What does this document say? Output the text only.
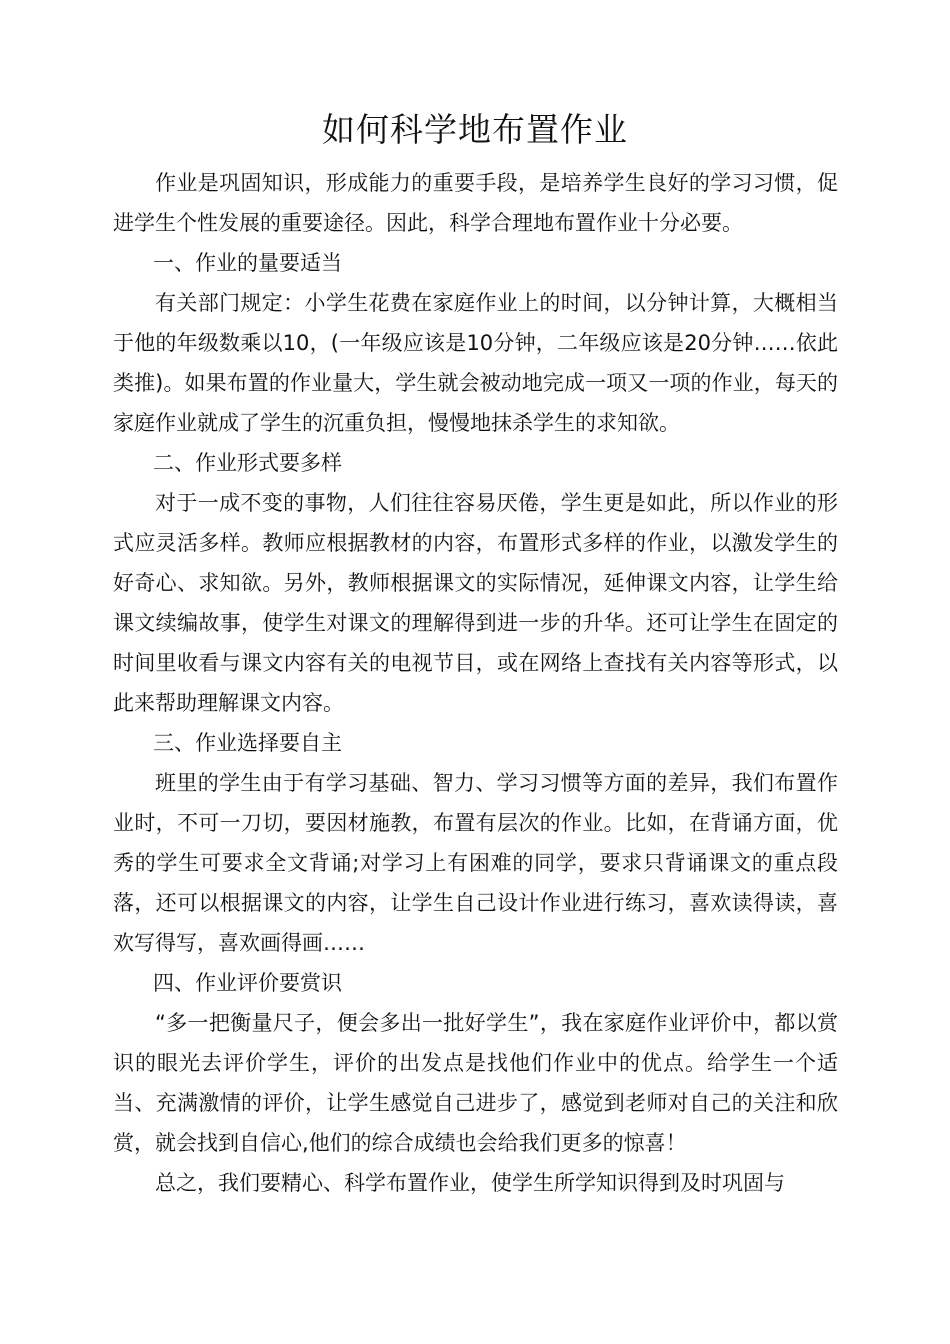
如何科学地布置作业

作业是巩固知识，形成能力的重要手段，是培养学生良好的学习习惯，促进学生个性发展的重要途径。因此，科学合理地布置作业十分必要。

一、作业的量要适当

有关部门规定：小学生花费在家庭作业上的时间，以分钟计算，大概相当于他的年级数乘以10，(一年级应该是10分钟，二年级应该是20分钟……依此类推)。如果布置的作业量大，学生就会被动地完成一项又一项的作业，每天的家庭作业就成了学生的沉重负担，慢慢地抹杀学生的求知欲。

二、作业形式要多样

对于一成不变的事物，人们往往容易厌倦，学生更是如此，所以作业的形式应灵活多样。教师应根据教材的内容，布置形式多样的作业，以激发学生的好奇心、求知欲。另外，教师根据课文的实际情况，延伸课文内容，让学生给课文续编故事，使学生对课文的理解得到进一步的升华。还可让学生在固定的时间里收看与课文内容有关的电视节目，或在网络上查找有关内容等形式，以此来帮助理解课文内容。

三、作业选择要自主

班里的学生由于有学习基础、智力、学习习惯等方面的差异，我们布置作业时，不可一刀切，要因材施教，布置有层次的作业。比如，在背诵方面，优秀的学生可要求全文背诵;对学习上有困难的同学，要求只背诵课文的重点段落，还可以根据课文的内容，让学生自己设计作业进行练习，喜欢读得读，喜欢写得写，喜欢画得画……

四、作业评价要赏识

“多一把衡量尺子，便会多出一批好学生”，我在家庭作业评价中，都以赏识的眼光去评价学生，评价的出发点是找他们作业中的优点。给学生一个适当、充满激情的评价，让学生感觉自己进步了，感觉到老师对自己的关注和欣赏，就会找到自信心,他们的综合成绩也会给我们更多的惊喜！

总之，我们要精心、科学布置作业，使学生所学知识得到及时巩固与
